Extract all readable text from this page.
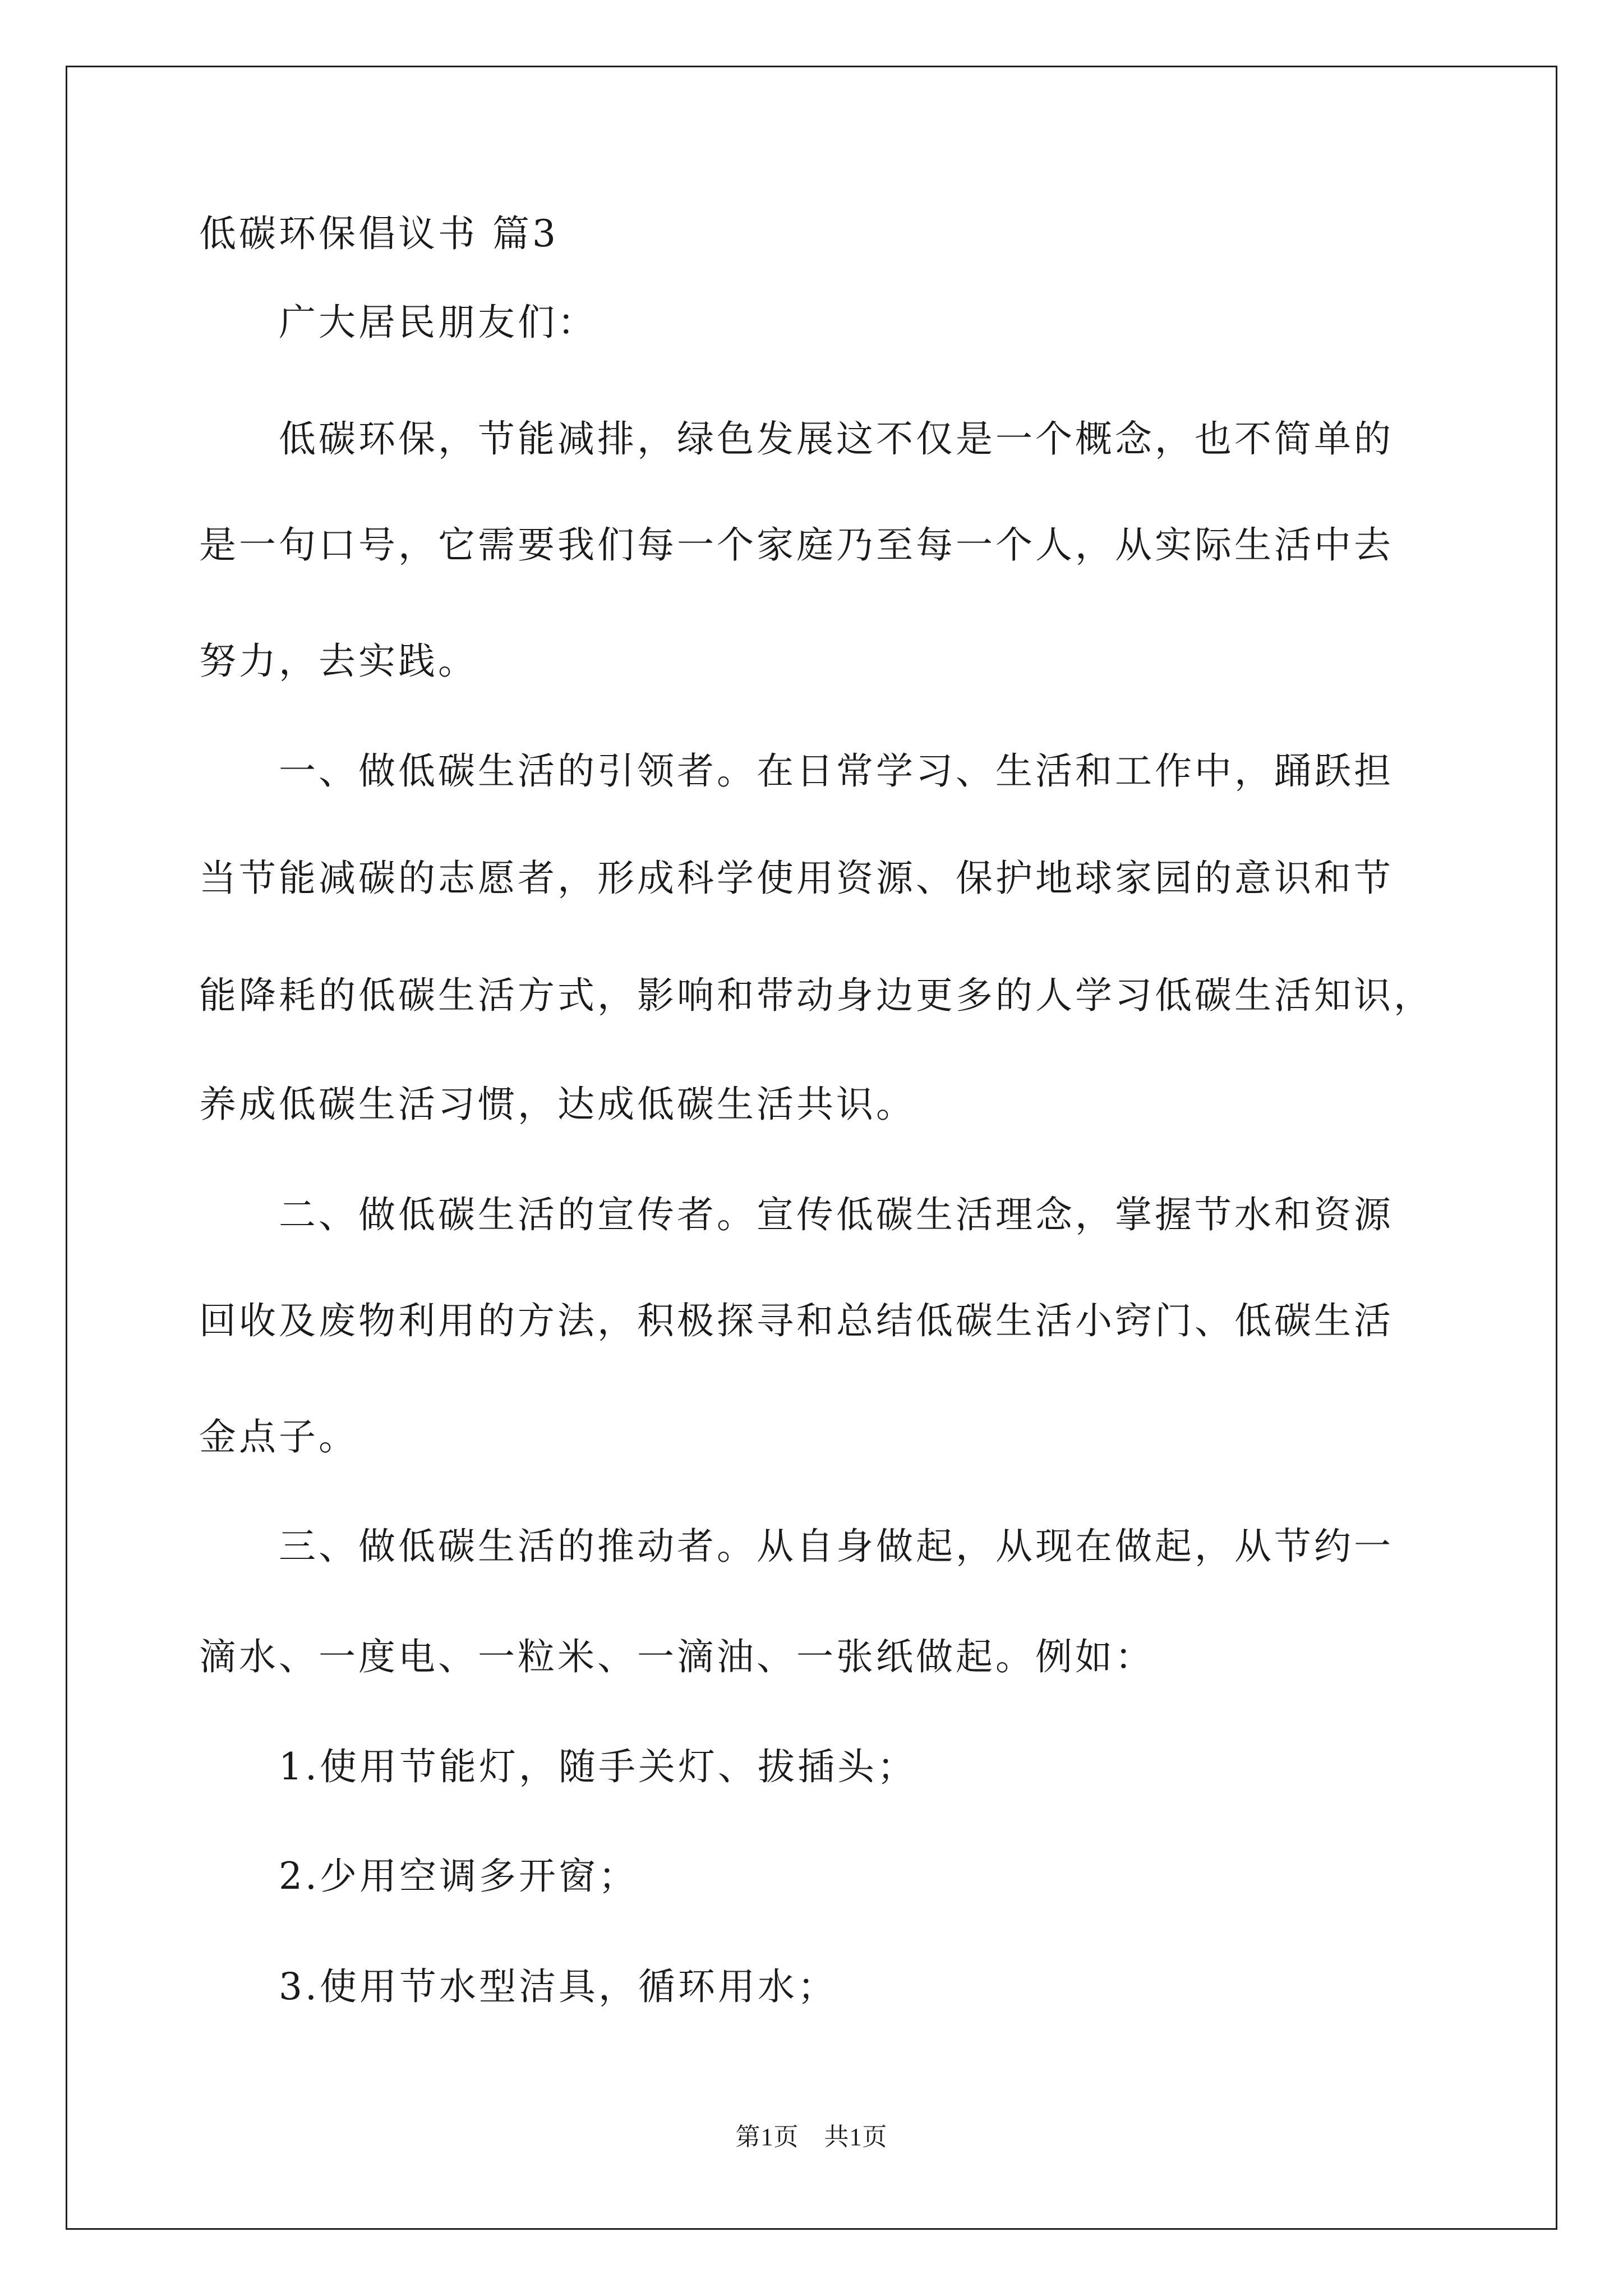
低碳环保倡议书 篇3
广大居民朋友们：
低碳环保，节能减排，绿色发展这不仅是一个概念，也不简单的
是一句口号，它需要我们每一个家庭乃至每一个人，从实际生活中去
努力，去实践。
一、做低碳生活的引领者。在日常学习、生活和工作中，踊跃担
当节能减碳的志愿者，形成科学使用资源、保护地球家园的意识和节
能降耗的低碳生活方式，影响和带动身边更多的人学习低碳生活知识，
养成低碳生活习惯，达成低碳生活共识。
二、做低碳生活的宣传者。宣传低碳生活理念，掌握节水和资源
回收及废物利用的方法，积极探寻和总结低碳生活小窍门、低碳生活
金点子。
三、做低碳生活的推动者。从自身做起，从现在做起，从节约一
滴水、一度电、一粒米、一滴油、一张纸做起。例如：
1.使用节能灯，随手关灯、拔插头；
2.少用空调多开窗；
3.使用节水型洁具，循环用水；
第1页　共1页
